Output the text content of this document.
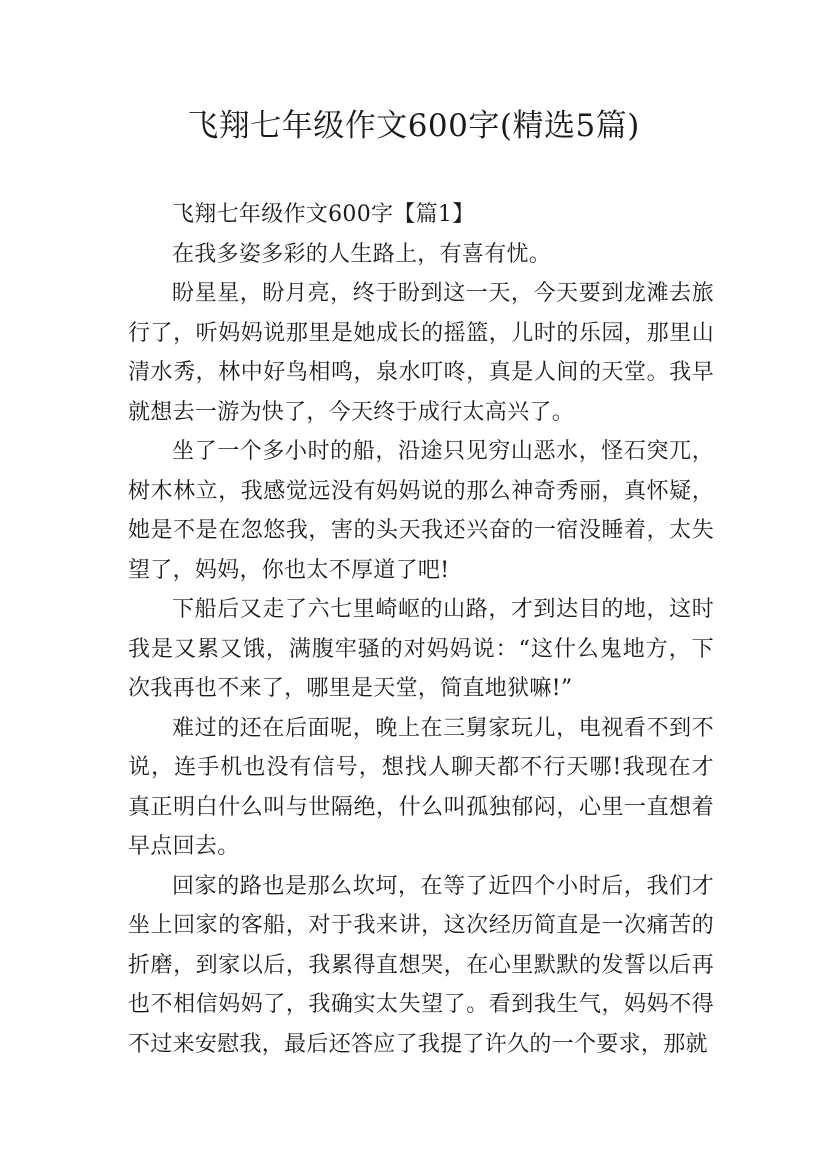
飞翔七年级作文600字(精选5篇)

飞翔七年级作文600字【篇1】

在我多姿多彩的人生路上，有喜有忧。

盼星星，盼月亮，终于盼到这一天，今天要到龙滩去旅行了，听妈妈说那里是她成长的摇篮，儿时的乐园，那里山清水秀，林中好鸟相鸣，泉水叮咚，真是人间的天堂。我早就想去一游为快了，今天终于成行太高兴了。

坐了一个多小时的船，沿途只见穷山恶水，怪石突兀，树木林立，我感觉远没有妈妈说的那么神奇秀丽，真怀疑，她是不是在忽悠我，害的头天我还兴奋的一宿没睡着，太失望了，妈妈，你也太不厚道了吧!

下船后又走了六七里崎岖的山路，才到达目的地，这时我是又累又饿，满腹牢骚的对妈妈说：“这什么鬼地方，下次我再也不来了，哪里是天堂，简直地狱嘛!”

难过的还在后面呢，晚上在三舅家玩儿，电视看不到不说，连手机也没有信号，想找人聊天都不行天哪!我现在才真正明白什么叫与世隔绝，什么叫孤独郁闷，心里一直想着早点回去。

回家的路也是那么坎坷，在等了近四个小时后，我们才坐上回家的客船，对于我来讲，这次经历简直是一次痛苦的折磨，到家以后，我累得直想哭，在心里默默的发誓以后再也不相信妈妈了，我确实太失望了。看到我生气，妈妈不得不过来安慰我，最后还答应了我提了许久的一个要求，那就
